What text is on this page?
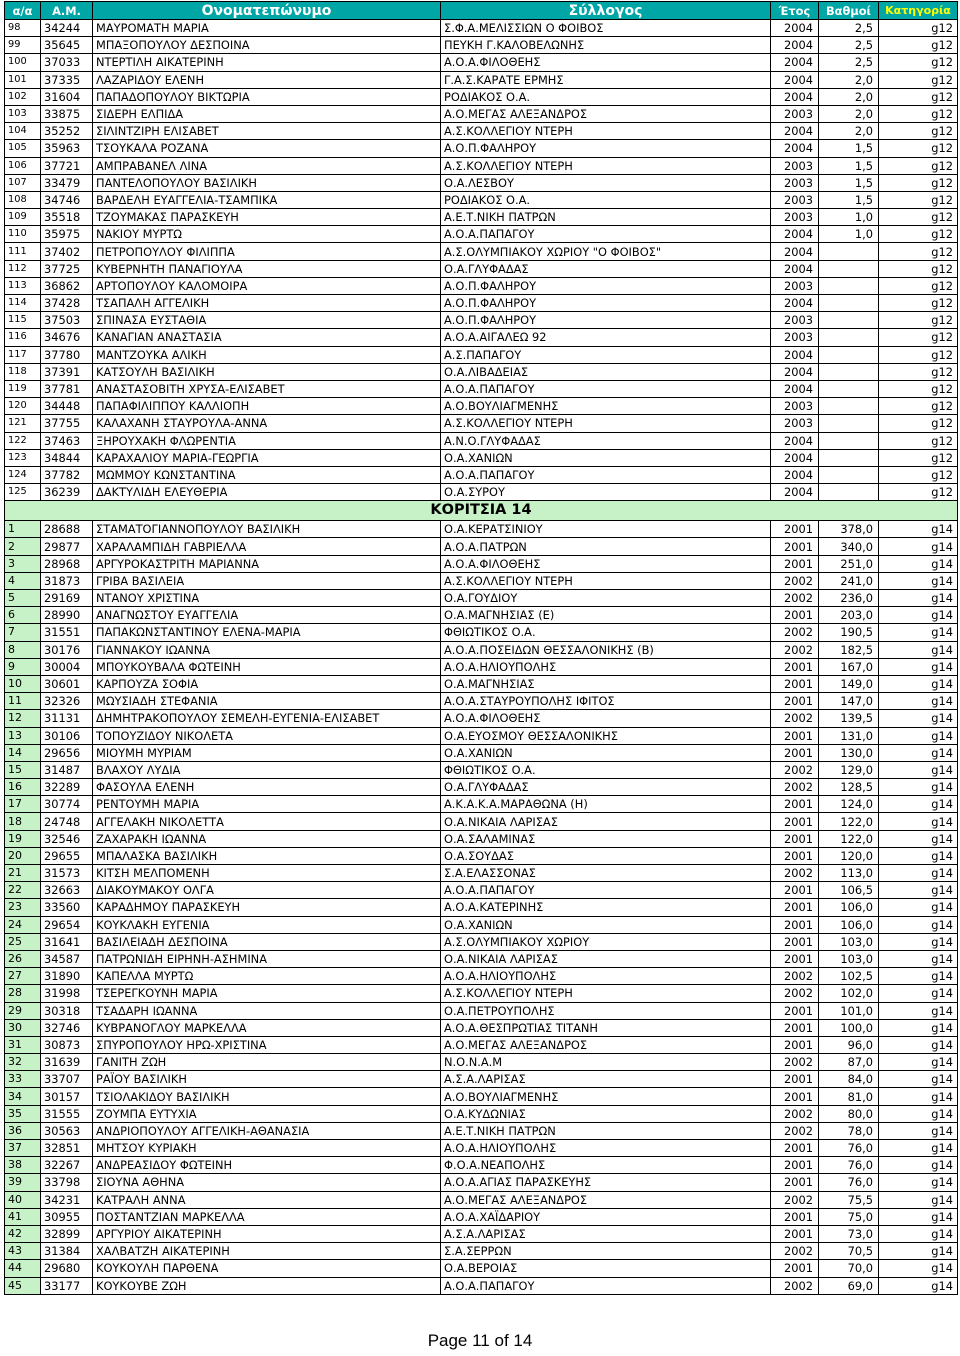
α/α	Α.Μ.	Ονοματεπώνυμο	Σύλλογος	Έτος	Βαθμοί	Κατηγορία
98	34244	ΜΑΥΡΟΜΑΤΗ ΜΑΡΙΑ	Σ.Φ.Α.ΜΕΛΙΣΣΙΩΝ Ο ΦΟΙΒΟΣ	2004	2,5	g12
99	35645	ΜΠΑΞΟΠΟΥΛΟΥ ΔΕΣΠΟΙΝΑ	ΠΕΥΚΗ Γ.ΚΑΛΟΒΕΛΩΝΗΣ	2004	2,5	g12
100	37033	ΝΤΕΡΤΙΛΗ ΑΙΚΑΤΕΡΙΝΗ	Α.Ο.Α.ΦΙΛΟΘΕΗΣ	2004	2,5	g12
101	37335	ΛΑΖΑΡΙΔΟΥ ΕΛΕΝΗ	Γ.Α.Σ.ΚΑΡΑΤΕ ΕΡΜΗΣ	2004	2,0	g12
102	31604	ΠΑΠΑΔΟΠΟΥΛΟΥ ΒΙΚΤΩΡΙΑ	ΡΟΔΙΑΚΟΣ Ο.Α.	2004	2,0	g12
103	33875	ΣΙΔΕΡΗ ΕΛΠΙΔΑ	Α.Ο.ΜΕΓΑΣ ΑΛΕΞΑΝΔΡΟΣ	2003	2,0	g12
104	35252	ΣΙΛΙΝΤΖΙΡΗ ΕΛΙΣΑΒΕΤ	Α.Σ.ΚΟΛΛΕΓΙΟΥ ΝΤΕΡΗ	2004	2,0	g12
105	35963	ΤΣΟΥΚΑΛΑ ΡΟΖΑΝΑ	Α.Ο.Π.ΦΑΛΗΡΟΥ	2004	1,5	g12
106	37721	ΑΜΠΡΑΒΑΝΕΛ ΛΙΝΑ	Α.Σ.ΚΟΛΛΕΓΙΟΥ ΝΤΕΡΗ	2003	1,5	g12
107	33479	ΠΑΝΤΕΛΟΠΟΥΛΟΥ ΒΑΣΙΛΙΚΗ	Ο.Α.ΛΕΣΒΟΥ	2003	1,5	g12
108	34746	ΒΑΡΔΕΛΗ ΕΥΑΓΓΕΛΙΑ-ΤΣΑΜΠΙΚΑ	ΡΟΔΙΑΚΟΣ Ο.Α.	2003	1,5	g12
109	35518	ΤΖΟΥΜΑΚΑΣ ΠΑΡΑΣΚΕΥΗ	Α.Ε.Τ.ΝΙΚΗ ΠΑΤΡΩΝ	2003	1,0	g12
110	35975	ΝΑΚΙΟΥ ΜΥΡΤΩ	Α.Ο.Α.ΠΑΠΑΓΟΥ	2004	1,0	g12
111	37402	ΠΕΤΡΟΠΟΥΛΟΥ ΦΙΛΙΠΠΑ	Α.Σ.ΟΛΥΜΠΙΑΚΟΥ ΧΩΡΙΟΥ "Ο ΦΟΙΒΟΣ"	2004		g12
112	37725	ΚΥΒΕΡΝΗΤΗ ΠΑΝΑΓΙΟΥΛΑ	Ο.Α.ΓΛΥΦΑΔΑΣ	2004		g12
113	36862	ΑΡΤΟΠΟΥΛΟΥ ΚΑΛΟΜΟΙΡΑ	Α.Ο.Π.ΦΑΛΗΡΟΥ	2003		g12
114	37428	ΤΣΑΠΑΛΗ ΑΓΓΕΛΙΚΗ	Α.Ο.Π.ΦΑΛΗΡΟΥ	2004		g12
115	37503	ΣΠΙΝΑΣΑ ΕΥΣΤΑΘΙΑ	Α.Ο.Π.ΦΑΛΗΡΟΥ	2003		g12
116	34676	ΚΑΝΑΓΙΑΝ ΑΝΑΣΤΑΣΙΑ	Α.Ο.Α.ΑΙΓΑΛΕΩ 92	2003		g12
117	37780	ΜΑΝΤΖΟΥΚΑ ΑΛΙΚΗ	Α.Σ.ΠΑΠΑΓΟΥ	2004		g12
118	37391	ΚΑΤΣΟΥΛΗ ΒΑΣΙΛΙΚΗ	Ο.Α.ΛΙΒΑΔΕΙΑΣ	2004		g12
119	37781	ΑΝΑΣΤΑΣΟΒΙΤΗ ΧΡΥΣΑ-ΕΛΙΣΑΒΕΤ	Α.Ο.Α.ΠΑΠΑΓΟΥ	2004		g12
120	34448	ΠΑΠΑΦΙΛΙΠΠΟΥ ΚΑΛΛΙΟΠΗ	Α.Ο.ΒΟΥΛΙΑΓΜΕΝΗΣ	2003		g12
121	37755	ΚΑΛΑΧΑΝΗ ΣΤΑΥΡΟΥΛΑ-ΑΝΝΑ	Α.Σ.ΚΟΛΛΕΓΙΟΥ ΝΤΕΡΗ	2003		g12
122	37463	ΞΗΡΟΥΧΑΚΗ ΦΛΩΡΕΝΤΙΑ	Α.Ν.Ο.ΓΛΥΦΑΔΑΣ	2004		g12
123	34844	ΚΑΡΑΧΑΛΙΟΥ ΜΑΡΙΑ-ΓΕΩΡΓΙΑ	Ο.Α.ΧΑΝΙΩΝ	2004		g12
124	37782	ΜΩΜΜΟΥ ΚΩΝΣΤΑΝΤΙΝΑ	Α.Ο.Α.ΠΑΠΑΓΟΥ	2004		g12
125	36239	ΔΑΚΤΥΛΙΔΗ ΕΛΕΥΘΕΡΙΑ	Ο.Α.ΣΥΡΟΥ	2004		g12
ΚΟΡΙΤΣΙΑ 14						
1	28688	ΣΤΑΜΑΤΟΓΙΑΝΝΟΠΟΥΛΟΥ ΒΑΣΙΛΙΚΗ	Ο.Α.ΚΕΡΑΤΣΙΝΙΟΥ	2001	378,0	g14
2	29877	ΧΑΡΑΛΑΜΠΙΔΗ ΓΑΒΡΙΕΛΛΑ	Α.Ο.Α.ΠΑΤΡΩΝ	2001	340,0	g14
3	28968	ΑΡΓΥΡΟΚΑΣΤΡΙΤΗ ΜΑΡΙΑΝΝΑ	Α.Ο.Α.ΦΙΛΟΘΕΗΣ	2001	251,0	g14
4	31873	ΓΡΙΒΑ ΒΑΣΙΛΕΙΑ	Α.Σ.ΚΟΛΛΕΓΙΟΥ ΝΤΕΡΗ	2002	241,0	g14
5	29169	ΝΤΑΝΟΥ ΧΡΙΣΤΙΝΑ	Ο.Α.ΓΟΥΔΙΟΥ	2002	236,0	g14
6	28990	ΑΝΑΓΝΩΣΤΟΥ ΕΥΑΓΓΕΛΙΑ	Ο.Α.ΜΑΓΝΗΣΙΑΣ (Ε)	2001	203,0	g14
7	31551	ΠΑΠΑΚΩΝΣΤΑΝΤΙΝΟΥ ΕΛΕΝΑ-ΜΑΡΙΑ	ΦΘΙΩΤΙΚΟΣ Ο.Α.	2002	190,5	g14
8	30176	ΓΙΑΝΝΑΚΟΥ ΙΩΑΝΝΑ	Α.Ο.Α.ΠΟΣΕΙΔΩΝ ΘΕΣΣΑΛΟΝΙΚΗΣ (Β)	2002	182,5	g14
9	30004	ΜΠΟΥΚΟΥΒΑΛΑ ΦΩΤΕΙΝΗ	Α.Ο.Α.ΗΛΙΟΥΠΟΛΗΣ	2001	167,0	g14
10	30601	ΚΑΡΠΟΥΖΑ ΣΟΦΙΑ	Ο.Α.ΜΑΓΝΗΣΙΑΣ	2001	149,0	g14
11	32326	ΜΩΥΣΙΑΔΗ ΣΤΕΦΑΝΙΑ	Α.Ο.Α.ΣΤΑΥΡΟΥΠΟΛΗΣ ΙΦΙΤΟΣ	2001	147,0	g14
12	31131	ΔΗΜΗΤΡΑΚΟΠΟΥΛΟΥ ΣΕΜΕΛΗ-ΕΥΓΕΝΙΑ-ΕΛΙΣΑΒΕΤ	Α.Ο.Α.ΦΙΛΟΘΕΗΣ	2002	139,5	g14
13	30106	ΤΟΠΟΥΖΙΔΟΥ ΝΙΚΟΛΕΤΑ	Ο.Α.ΕΥΟΣΜΟΥ ΘΕΣΣΑΛΟΝΙΚΗΣ	2001	131,0	g14
14	29656	ΜΙΟΥΜΗ ΜΥΡΙΑΜ	Ο.Α.ΧΑΝΙΩΝ	2001	130,0	g14
15	31487	ΒΛΑΧΟΥ ΛΥΔΙΑ	ΦΘΙΩΤΙΚΟΣ Ο.Α.	2002	129,0	g14
16	32289	ΦΑΣΟΥΛΑ ΕΛΕΝΗ	Ο.Α.ΓΛΥΦΑΔΑΣ	2002	128,5	g14
17	30774	ΡΕΝΤΟΥΜΗ ΜΑΡΙΑ	Α.Κ.Α.Κ.Α.ΜΑΡΑΘΩΝΑ (Η)	2001	124,0	g14
18	24748	ΑΓΓΕΛΑΚΗ ΝΙΚΟΛΕΤΤΑ	Ο.Α.ΝΙΚΑΙΑ ΛΑΡΙΣΑΣ	2001	122,0	g14
19	32546	ΖΑΧΑΡΑΚΗ ΙΩΑΝΝΑ	Ο.Α.ΣΑΛΑΜΙΝΑΣ	2001	122,0	g14
20	29655	ΜΠΑΛΑΣΚΑ ΒΑΣΙΛΙΚΗ	Ο.Α.ΣΟΥΔΑΣ	2001	120,0	g14
21	31573	ΚΙΤΣΗ ΜΕΛΠΟΜΕΝΗ	Σ.Α.ΕΛΑΣΣΟΝΑΣ	2002	113,0	g14
22	32663	ΔΙΑΚΟΥΜΑΚΟΥ ΟΛΓΑ	Α.Ο.Α.ΠΑΠΑΓΟΥ	2001	106,5	g14
23	33560	ΚΑΡΑΔΗΜΟΥ ΠΑΡΑΣΚΕΥΗ	Α.Ο.Α.ΚΑΤΕΡΙΝΗΣ	2001	106,0	g14
24	29654	ΚΟΥΚΛΑΚΗ ΕΥΓΕΝΙΑ	Ο.Α.ΧΑΝΙΩΝ	2001	106,0	g14
25	31641	ΒΑΣΙΛΕΙΑΔΗ ΔΕΣΠΟΙΝΑ	Α.Σ.ΟΛΥΜΠΙΑΚΟΥ ΧΩΡΙΟΥ	2001	103,0	g14
26	34587	ΠΑΤΡΩΝΙΔΗ ΕΙΡΗΝΗ-ΑΣΗΜΙΝΑ	Ο.Α.ΝΙΚΑΙΑ ΛΑΡΙΣΑΣ	2001	103,0	g14
27	31890	ΚΑΠΕΛΛΑ ΜΥΡΤΩ	Α.Ο.Α.ΗΛΙΟΥΠΟΛΗΣ	2002	102,5	g14
28	31998	ΤΣΕΡΕΓΚΟΥΝΗ ΜΑΡΙΑ	Α.Σ.ΚΟΛΛΕΓΙΟΥ ΝΤΕΡΗ	2002	102,0	g14
29	30318	ΤΣΑΔΑΡΗ ΙΩΑΝΝΑ	Ο.Α.ΠΕΤΡΟΥΠΟΛΗΣ	2001	101,0	g14
30	32746	ΚΥΒΡΑΝΟΓΛΟΥ ΜΑΡΚΕΛΛΑ	Α.Ο.Α.ΘΕΣΠΡΩΤΙΑΣ ΤΙΤΑΝΗ	2001	100,0	g14
31	30873	ΣΠΥΡΟΠΟΥΛΟΥ ΗΡΩ-ΧΡΙΣΤΙΝΑ	Α.Ο.ΜΕΓΑΣ ΑΛΕΞΑΝΔΡΟΣ	2001	96,0	g14
32	31639	ΓΑΝΙΤΗ ΖΩΗ	Ν.Ο.Ν.Α.Μ	2002	87,0	g14
33	33707	ΡΑΪΟΥ ΒΑΣΙΛΙΚΗ	Α.Σ.Α.ΛΑΡΙΣΑΣ	2001	84,0	g14
34	30157	ΤΣΙΟΛΑΚΙΔΟΥ ΒΑΣΙΛΙΚΗ	Α.Ο.ΒΟΥΛΙΑΓΜΕΝΗΣ	2001	81,0	g14
35	31555	ΖΟΥΜΠΑ ΕΥΤΥΧΙΑ	Ο.Α.ΚΥΔΩΝΙΑΣ	2002	80,0	g14
36	30563	ΑΝΔΡΙΟΠΟΥΛΟΥ ΑΓΓΕΛΙΚΗ-ΑΘΑΝΑΣΙΑ	Α.Ε.Τ.ΝΙΚΗ ΠΑΤΡΩΝ	2002	78,0	g14
37	32851	ΜΗΤΣΟΥ ΚΥΡΙΑΚΗ	Α.Ο.Α.ΗΛΙΟΥΠΟΛΗΣ	2001	76,0	g14
38	32267	ΑΝΔΡΕΑΣΙΔΟΥ ΦΩΤΕΙΝΗ	Φ.Ο.Α.ΝΕΑΠΟΛΗΣ	2001	76,0	g14
39	33798	ΣΙΟΥΝΑ ΑΘΗΝΑ	Α.Ο.Α.ΑΓΙΑΣ ΠΑΡΑΣΚΕΥΗΣ	2001	76,0	g14
40	34231	ΚΑΤΡΑΛΗ ΑΝΝΑ	Α.Ο.ΜΕΓΑΣ ΑΛΕΞΑΝΔΡΟΣ	2002	75,5	g14
41	30955	ΠΟΣΤΑΝΤΖΙΑΝ ΜΑΡΚΕΛΛΑ	Α.Ο.Α.ΧΑΪΔΑΡΙΟΥ	2001	75,0	g14
42	32899	ΑΡΓΥΡΙΟΥ ΑΙΚΑΤΕΡΙΝΗ	Α.Σ.Α.ΛΑΡΙΣΑΣ	2001	73,0	g14
43	31384	ΧΑΛΒΑΤΖΗ ΑΙΚΑΤΕΡΙΝΗ	Σ.Α.ΣΕΡΡΩΝ	2002	70,5	g14
44	29680	ΚΟΥΚΟΥΛΗ ΠΑΡΘΕΝΑ	Ο.Α.ΒΕΡΟΙΑΣ	2001	70,0	g14
45	33177	ΚΟΥΚΟΥΒΕ ΖΩΗ	Α.Ο.Α.ΠΑΠΑΓΟΥ	2002	69,0	g14
Page 11 of 14
